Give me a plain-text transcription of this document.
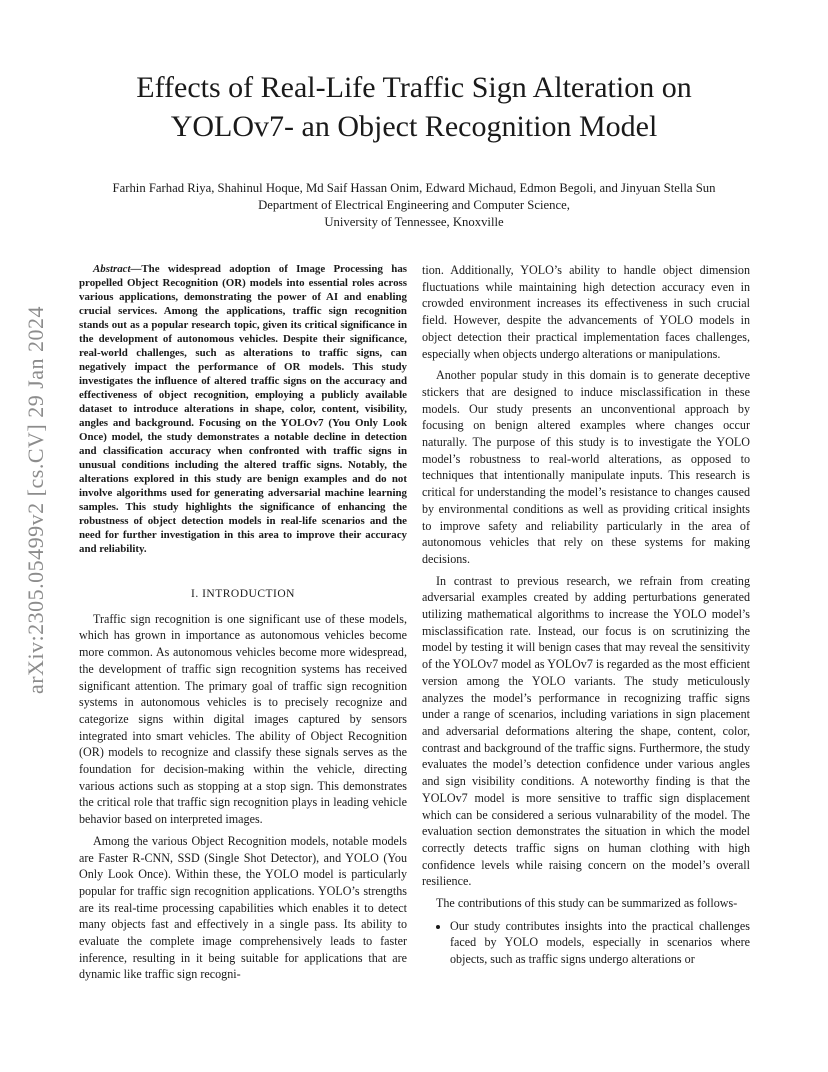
Effects of Real-Life Traffic Sign Alteration on
YOLOv7- an Object Recognition Model
Farhin Farhad Riya, Shahinul Hoque, Md Saif Hassan Onim, Edward Michaud, Edmon Begoli, and Jinyuan Stella Sun
Department of Electrical Engineering and Computer Science,
University of Tennessee, Knoxville
arXiv:2305.05499v2 [cs.CV] 29 Jan 2024

Abstract—The widespread adoption of Image Processing has propelled Object Recognition (OR) models into essential roles across various applications, demonstrating the power of AI and enabling crucial services. Among the applications, traffic sign recognition stands out as a popular research topic, given its critical significance in the development of autonomous vehicles. Despite their significance, real-world challenges, such as alterations to traffic signs, can negatively impact the performance of OR models. This study investigates the influence of altered traffic signs on the accuracy and effectiveness of object recognition, employing a publicly available dataset to introduce alterations in shape, color, content, visibility, angles and background. Focusing on the YOLOv7 (You Only Look Once) model, the study demonstrates a notable decline in detection and classification accuracy when confronted with traffic signs in unusual conditions including the altered traffic signs. Notably, the alterations explored in this study are benign examples and do not involve algorithms used for generating adversarial machine learning samples. This study highlights the significance of enhancing the robustness of object detection models in real-life scenarios and the need for further investigation in this area to improve their accuracy and reliability.

I. INTRODUCTION

Traffic sign recognition is one significant use of these models, which has grown in importance as autonomous vehicles become more common. As autonomous vehicles become more widespread, the development of traffic sign recognition systems has received significant attention. The primary goal of traffic sign recognition systems in autonomous vehicles is to precisely recognize and categorize signs within digital images captured by sensors integrated into smart vehicles. The ability of Object Recognition (OR) models to recognize and classify these signals serves as the foundation for decision-making within the vehicle, directing various actions such as stopping at a stop sign. This demonstrates the critical role that traffic sign recognition plays in leading vehicle behavior based on interpreted images.

Among the various Object Recognition models, notable models are Faster R-CNN, SSD (Single Shot Detector), and YOLO (You Only Look Once). Within these, the YOLO model is particularly popular for traffic sign recognition applications. YOLO’s strengths are its real-time processing capabilities which enables it to detect many objects fast and effectively in a single pass. Its ability to evaluate the complete image comprehensively leads to faster inference, resulting in it being suitable for applications that are dynamic like traffic sign recogni-

tion. Additionally, YOLO’s ability to handle object dimension fluctuations while maintaining high detection accuracy even in crowded environment increases its effectiveness in such crucial field. However, despite the advancements of YOLO models in object detection their practical implementation faces challenges, especially when objects undergo alterations or manipulations.

Another popular study in this domain is to generate deceptive stickers that are designed to induce misclassification in these models. Our study presents an unconventional approach by focusing on benign altered examples where changes occur naturally. The purpose of this study is to investigate the YOLO model’s robustness to real-world alterations, as opposed to techniques that intentionally manipulate inputs. This research is critical for understanding the model’s resistance to changes caused by environmental conditions as well as providing critical insights to improve safety and reliability particularly in the area of autonomous vehicles that rely on these systems for making decisions.

In contrast to previous research, we refrain from creating adversarial examples created by adding perturbations generated utilizing mathematical algorithms to increase the YOLO model’s misclassification rate. Instead, our focus is on scrutinizing the model by testing it will benign cases that may reveal the sensitivity of the YOLOv7 model as YOLOv7 is regarded as the most efficient version among the YOLO variants. The study meticulously analyzes the model’s performance in recognizing traffic signs under a range of scenarios, including variations in sign placement and adversarial deformations altering the shape, content, color, contrast and background of the traffic signs. Furthermore, the study evaluates the model’s detection confidence under various angles and sign visibility conditions. A noteworthy finding is that the YOLOv7 model is more sensitive to traffic sign displacement which can be considered a serious vulnarability of the model. The evaluation section demonstrates the situation in which the model correctly detects traffic signs on human clothing with high confidence levels while raising concern on the model’s overall resilience.

The contributions of this study can be summarized as follows-

• Our study contributes insights into the practical challenges faced by YOLO models, especially in scenarios where objects, such as traffic signs undergo alterations or
